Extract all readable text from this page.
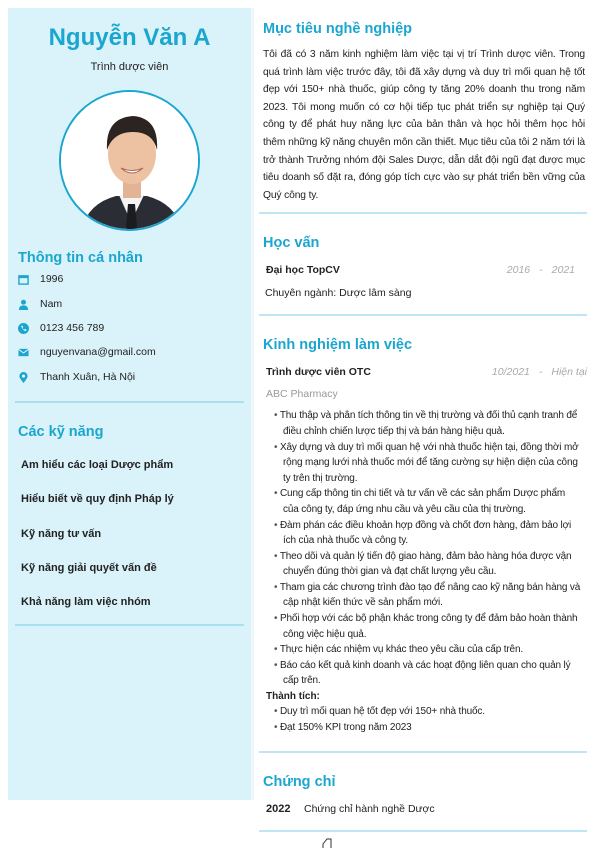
Nguyễn Văn A
Trình dược viên
Thông tin cá nhân
1996
Nam
0123 456 789
nguyenvana@gmail.com
Thanh Xuân, Hà Nội
Các kỹ năng
Am hiểu các loại Dược phẩm
Hiểu biết về quy định Pháp lý
Kỹ năng tư vấn
Kỹ năng giải quyết vấn đề
Khả năng làm việc nhóm
Mục tiêu nghề nghiệp
Tôi đã có 3 năm kinh nghiệm làm việc tại vị trí Trình dược viên. Trong quá trình làm việc trước đây, tôi đã xây dựng và duy trì mối quan hệ tốt đẹp với 150+ nhà thuốc, giúp công ty tăng 20% doanh thu trong năm 2023. Tôi mong muốn có cơ hội tiếp tục phát triển sự nghiệp tại Quý công ty để phát huy năng lực của bản thân và học hỏi thêm học hỏi thêm những kỹ năng chuyên môn cần thiết. Mục tiêu của tôi 2 năm tới là trở thành Trưởng nhóm đội Sales Dược, dẫn dắt đội ngũ đạt được mục tiêu doanh số đặt ra, đóng góp tích cực vào sự phát triển bền vững của Quý công ty.
Học vấn
Đại học TopCV	2016 - 2021
Chuyên ngành: Dược lâm sàng
Kinh nghiệm làm việc
Trình dược viên OTC	10/2021 - Hiện tại
ABC Pharmacy
• Thu thập và phân tích thông tin về thị trường và đối thủ cạnh tranh để điều chỉnh chiến lược tiếp thị và bán hàng hiệu quả.
• Xây dựng và duy trì mối quan hệ với nhà thuốc hiện tại, đồng thời mở rộng mạng lưới nhà thuốc mới để tăng cường sự hiện diện của công ty trên thị trường.
• Cung cấp thông tin chi tiết và tư vấn về các sản phẩm Dược phẩm của công ty, đáp ứng nhu cầu và yêu cầu của thị trường.
• Đàm phán các điều khoản hợp đồng và chốt đơn hàng, đảm bảo lợi ích của nhà thuốc và công ty.
• Theo dõi và quản lý tiến độ giao hàng, đảm bảo hàng hóa được vận chuyển đúng thời gian và đạt chất lượng yêu cầu.
• Tham gia các chương trình đào tạo để nâng cao kỹ năng bán hàng và cập nhật kiến thức về sản phẩm mới.
• Phối hợp với các bộ phận khác trong công ty để đảm bảo hoàn thành công việc hiệu quả.
• Thực hiện các nhiệm vụ khác theo yêu cầu của cấp trên.
• Báo cáo kết quả kinh doanh và các hoạt động liên quan cho quản lý cấp trên.
Thành tích:
• Duy trì mối quan hệ tốt đẹp với 150+ nhà thuốc.
• Đạt 150% KPI trong năm 2023
Chứng chỉ
2022	Chứng chỉ hành nghề Dược
